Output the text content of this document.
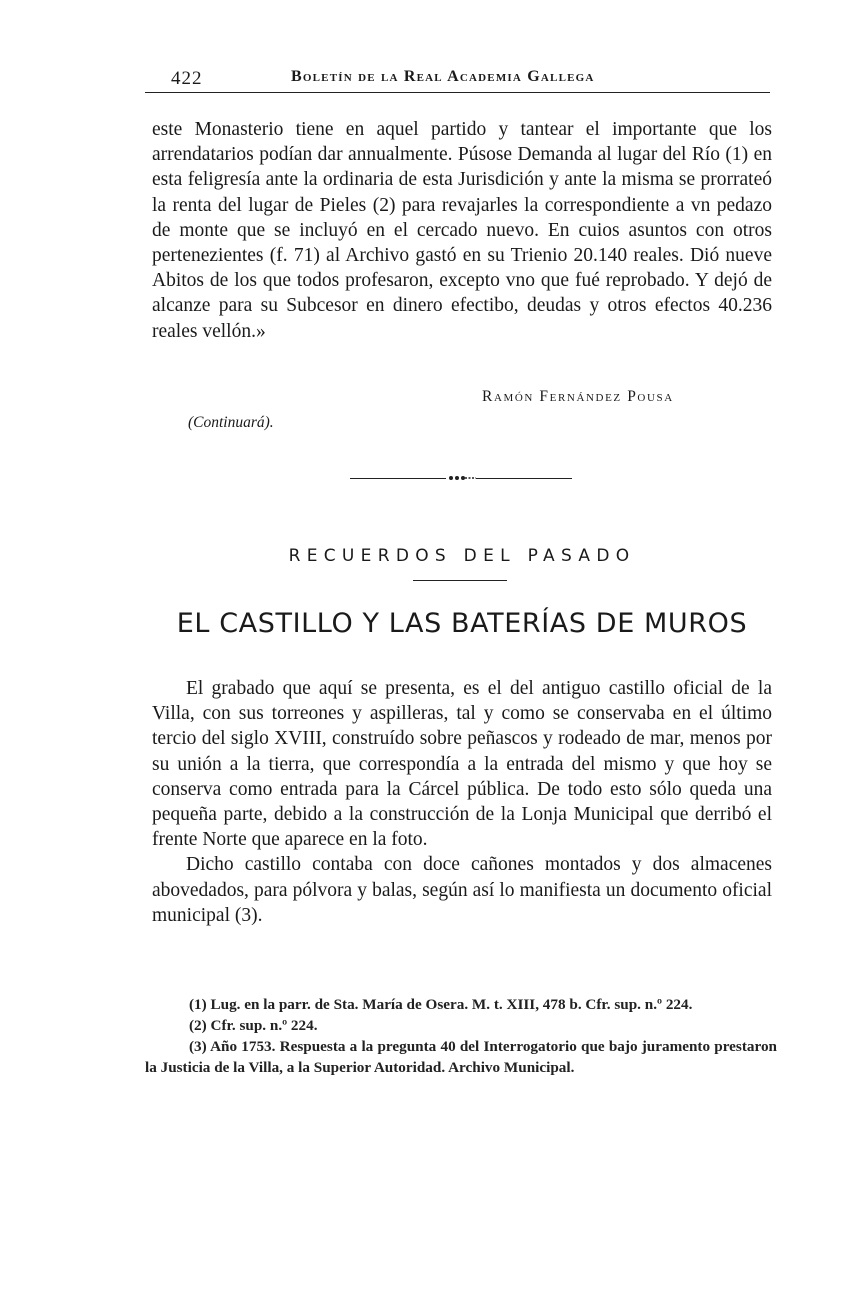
422	Boletín de la Real Academia Gallega
este Monasterio tiene en aquel partido y tantear el importante que los arrendatarios podían dar annualmente. Púsose Demanda al lugar del Río (1) en esta feligresía ante la ordinaria de esta Jurisdición y ante la misma se prorrateó la renta del lugar de Pieles (2) para revajarles la correspondiente a vn pedazo de monte que se incluyó en el cercado nuevo. En cuios asuntos con otros pertenezientes (f. 71) al Archivo gastó en su Trienio 20.140 reales. Dió nueve Abitos de los que todos profesaron, excepto vno que fué reprobado. Y dejó de alcanze para su Subcesor en dinero efectibo, deudas y otros efectos 40.236 reales vellón.»
Ramón Fernández Pousa
(Continuará).
RECUERDOS DEL PASADO
EL CASTILLO Y LAS BATERÍAS DE MUROS

El grabado que aquí se presenta, es el del antiguo castillo oficial de la Villa, con sus torreones y aspilleras, tal y como se conservaba en el último tercio del siglo XVIII, construído sobre peñascos y rodeado de mar, menos por su unión a la tierra, que correspondía a la entrada del mismo y que hoy se conserva como entrada para la Cárcel pública. De todo esto sólo queda una pequeña parte, debido a la construcción de la Lonja Municipal que derribó el frente Norte que aparece en la foto.

Dicho castillo contaba con doce cañones montados y dos almacenes abovedados, para pólvora y balas, según así lo manifiesta un documento oficial municipal (3).

(1) Lug. en la parr. de Sta. María de Osera. M. t. XIII, 478 b. Cfr. sup. n.º 224.

(2) Cfr. sup. n.º 224.

(3) Año 1753. Respuesta a la pregunta 40 del Interrogatorio que bajo juramento prestaron la Justicia de la Villa, a la Superior Autoridad. Archivo Municipal.
